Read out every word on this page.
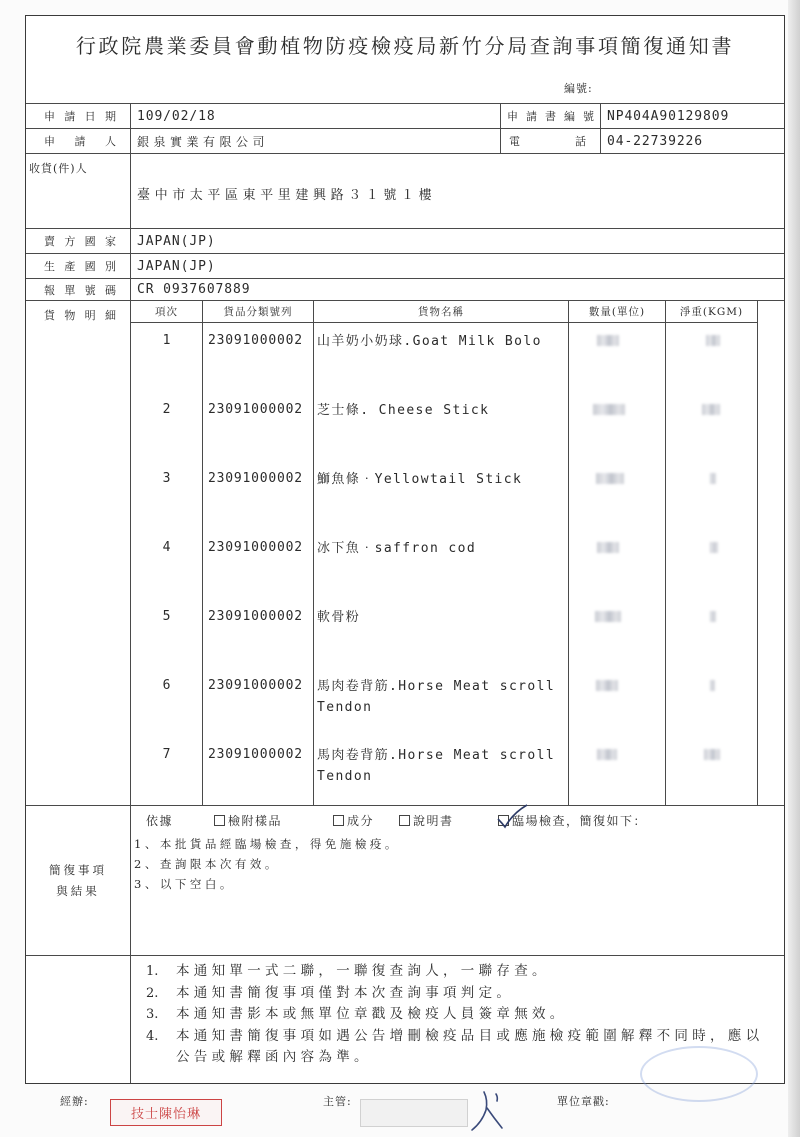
行政院農業委員會動植物防疫檢疫局新竹分局查詢事項簡復通知書
編號:
申請日期	109/02/18	申請書編號	NP404A90129809
申請人	銀泉實業有限公司	電話	04-22739226
收貨(件)人
臺中市太平區東平里建興路３１號１樓
賣方國家	JAPAN(JP)
生產國別	JAPAN(JP)
報單號碼	CR 0937607889
貨物明細	項次	貨品分類號列	貨物名稱	數量(單位)	淨重(KGM)
1	23091000002	山羊奶小奶球.Goat Milk Bolo
2	23091000002	芝士條. Cheese Stick
3	23091000002	鰤魚條‧Yellowtail Stick
4	23091000002	冰下魚‧saffron cod
5	23091000002	軟骨粉
6	23091000002	馬肉卷背筋.Horse Meat scroll Tendon
7	23091000002	馬肉卷背筋.Horse Meat scroll Tendon
簡復事項
與結果
依據	檢附樣品	成分	說明書	臨場檢查 ，簡復如下：
1、本批貨品經臨場檢查，得免施檢疫。
2、查詢限本次有效。
3、以下空白。
1.	本通知單一式二聯，一聯復查詢人，一聯存查。
2.	本通知書簡復事項僅對本次查詢事項判定。
3.	本通知書影本或無單位章戳及檢疫人員簽章無效。
4.	本通知書簡復事項如遇公告增刪檢疫品目或應施檢疫範圍解釋不同時，應以公告或解釋函內容為準。
經辦:
技士陳怡琳
主管:	單位章戳:
